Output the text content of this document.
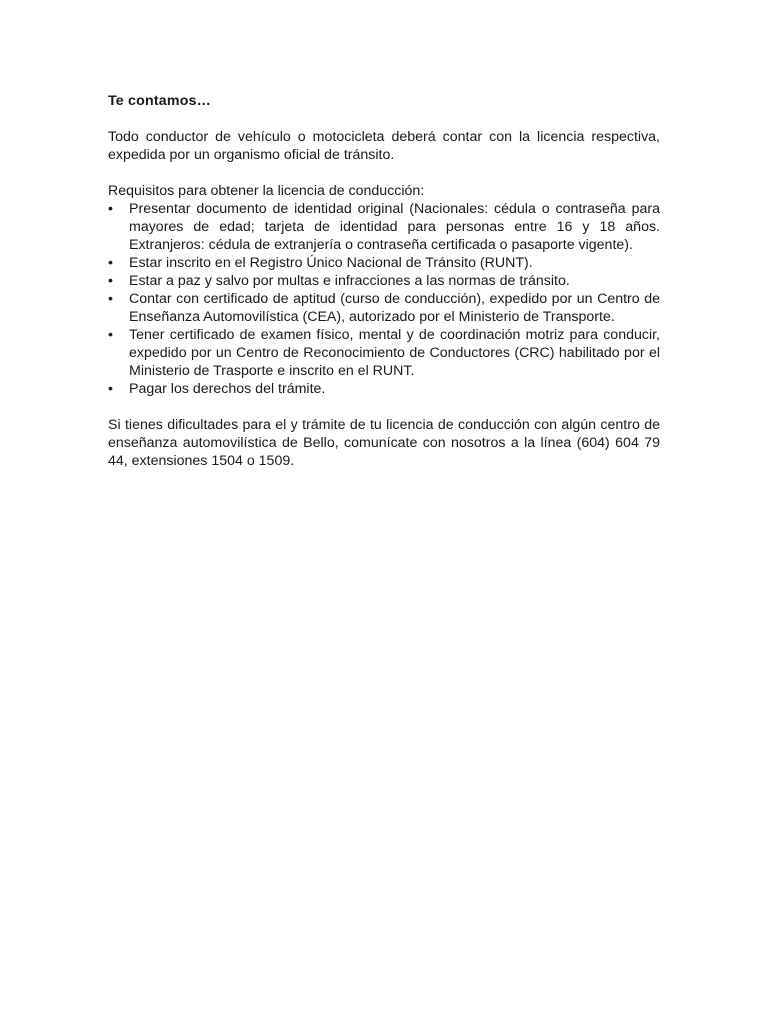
Te contamos…

Todo conductor de vehículo o motocicleta deberá contar con la licencia respectiva, expedida por un organismo oficial de tránsito.

Requisitos para obtener la licencia de conducción:

•	Presentar documento de identidad original (Nacionales: cédula o contraseña para mayores de edad; tarjeta de identidad para personas entre 16 y 18 años. Extranjeros: cédula de extranjería o contraseña certificada o pasaporte vigente).
•	Estar inscrito en el Registro Único Nacional de Tránsito (RUNT).
•	Estar a paz y salvo por multas e infracciones a las normas de tránsito.
•	Contar con certificado de aptitud (curso de conducción), expedido por un Centro de Enseñanza Automovilística (CEA), autorizado por el Ministerio de Transporte.
•	Tener certificado de examen físico, mental y de coordinación motriz para conducir, expedido por un Centro de Reconocimiento de Conductores (CRC) habilitado por el Ministerio de Trasporte e inscrito en el RUNT.
•	Pagar los derechos del trámite.

Si tienes dificultades para el y trámite de tu licencia de conducción con algún centro de enseñanza automovilística de Bello, comunícate con nosotros a la línea (604) 604 79 44, extensiones 1504 o 1509.
